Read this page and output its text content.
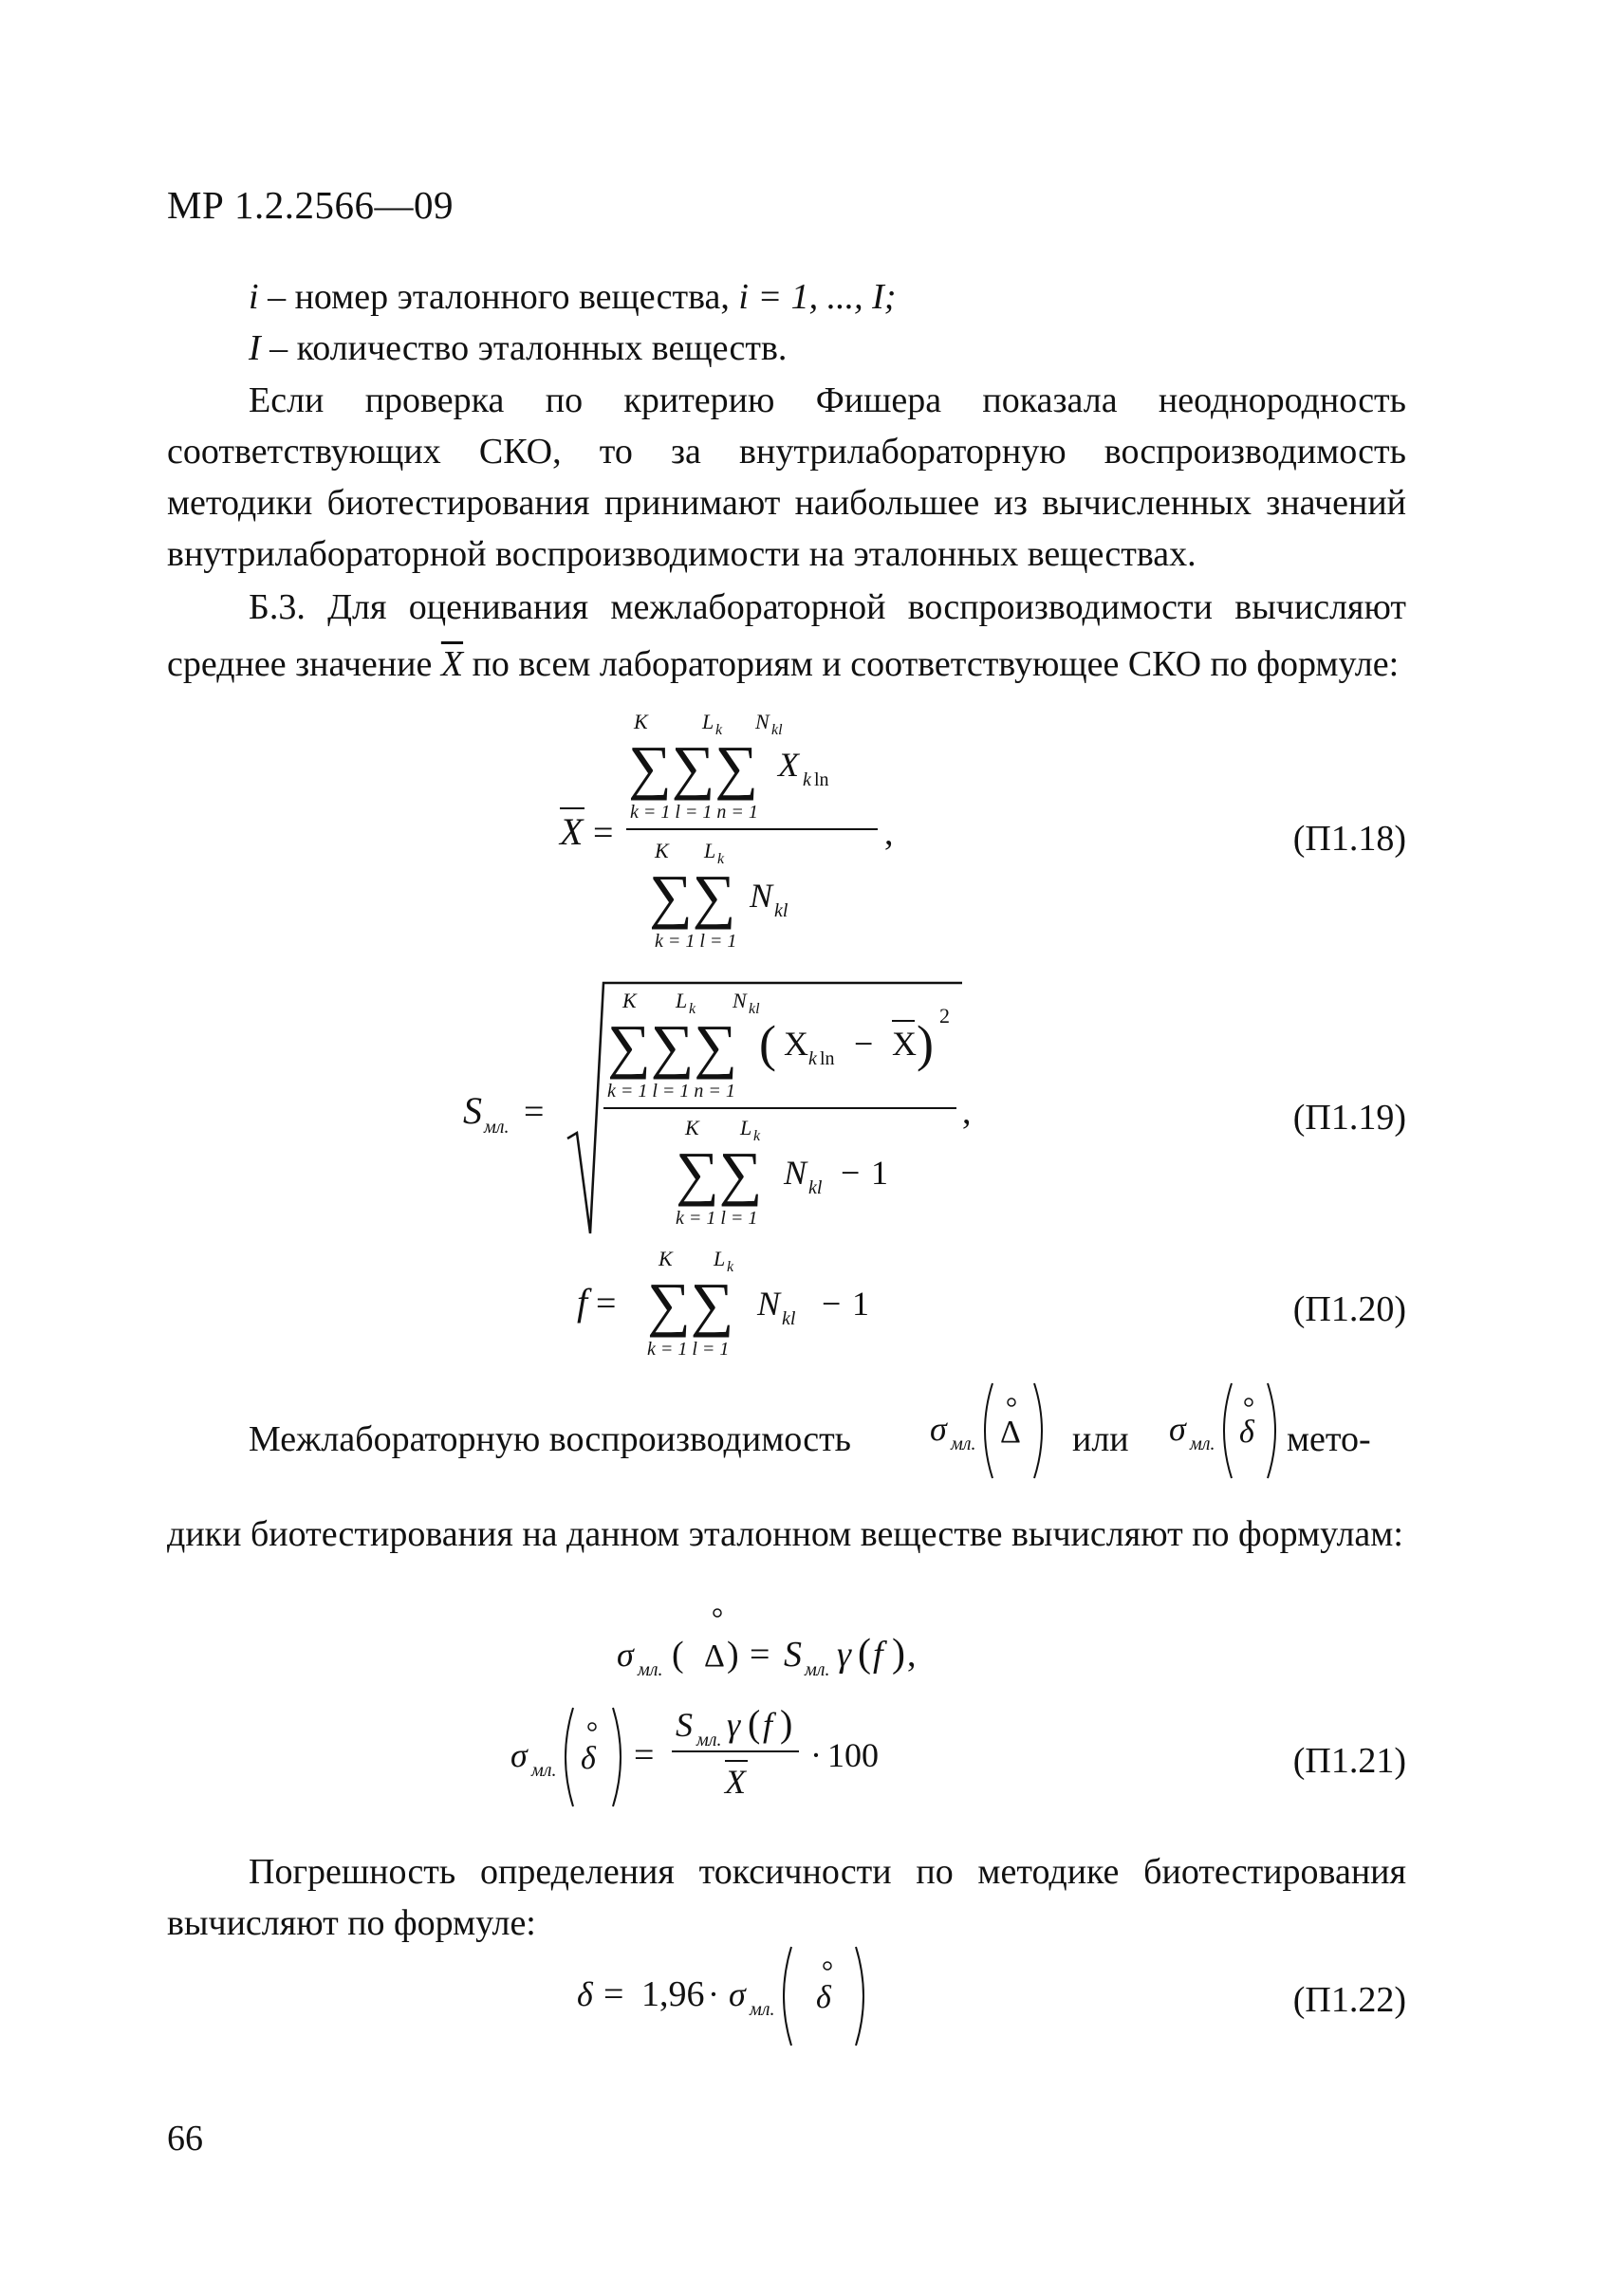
МР 1.2.2566—09
i – номер эталонного вещества, i = 1, ..., I;
I – количество эталонных веществ.
Если проверка по критерию Фишера показала неоднородность соответствующих СКО, то за внутрилабораторную воспроизводимость методики биотестирования принимают наибольшее из вычисленных значений внутрилабораторной воспроизводимости на эталонных веществах.
Б.3. Для оценивания межлабораторной воспроизводимости вычисляют среднее значение $\overline{X}$ по всем лабораториям и соответствующее СКО по формуле:
X =
K	L k N kl
∑∑∑ X k ln
k = 1 l = 1 n = 1
,
K L k
∑∑ N kl
k = 1 l = 1
S мл. =
K L k N kl
∑∑∑ ( X k ln − X ) 2
k = 1 l = 1 n = 1
,
K L k
∑∑ N kl − 1
k = 1 l = 1
f =
K L k
∑∑ N kl − 1
k = 1 l = 1
σ мл. Δ	σ мл. δ
σ мл. ( Δ ) = S мл. γ ( f ) ,
σ мл. δ =
S мл. γ ( f )
X
· 100
δ = 1,96 · σ мл. δ
(П1.18)
(П1.19)
(П1.20)
(П1.21)
(П1.22)
Межлабораторную воспроизводимость	или	мето-
дики биотестирования на данном эталонном веществе вычисляют по формулам:
Погрешность определения токсичности по методике биотестирования вычисляют по формуле:
66
